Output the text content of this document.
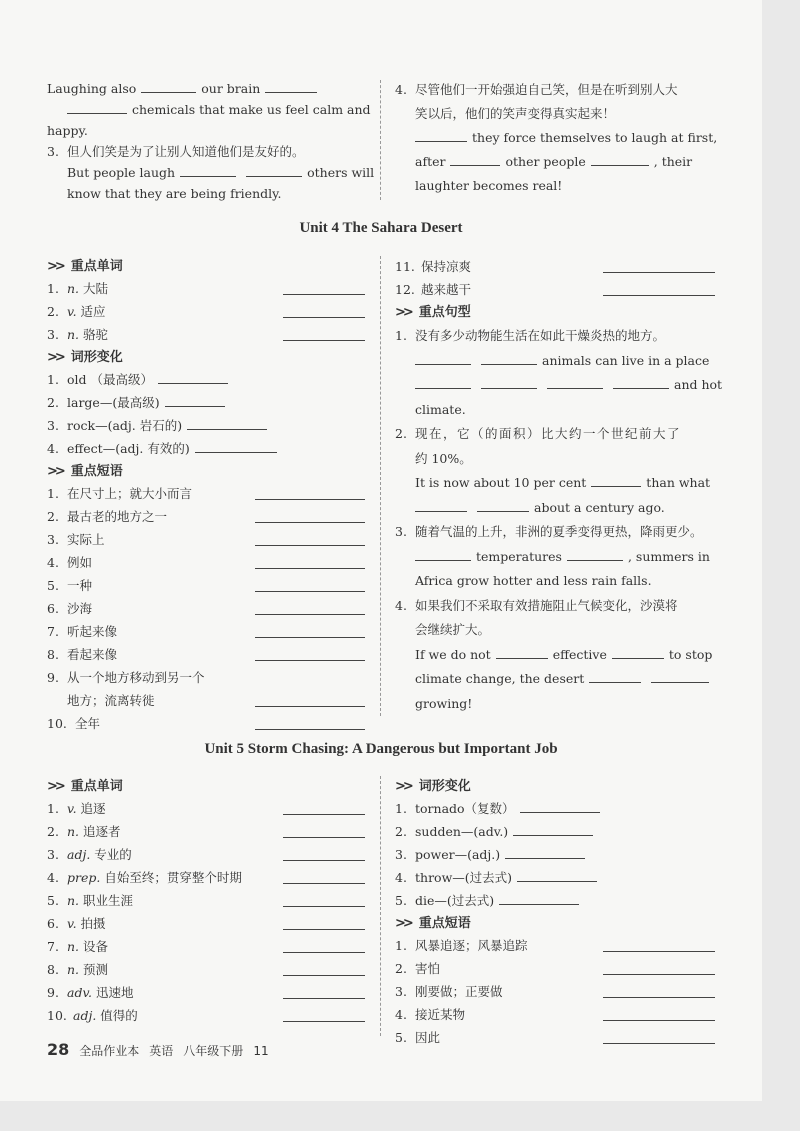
Laughing also	our brain
chemicals that make us feel calm and
happy.
3. 但人们笑是为了让别人知道他们是友好的。
But people laugh	others will
know that they are being friendly.
4. 尽管他们一开始强迫自己笑，但是在听到别人大
笑以后，他们的笑声变得真实起来！
they force themselves to laugh at first,
after	other people	, their
laughter becomes real!
Unit 4 The Sahara Desert
>> 重点单词
1. n. 大陆
2. v. 适应
3. n. 骆驼
>> 词形变化
1. old （最高级）
2. large—(最高级)
3. rock—(adj. 岩石的)
4. effect—(adj. 有效的)
>> 重点短语
1. 在尺寸上；就大小而言
2. 最古老的地方之一
3. 实际上
4. 例如
5. 一种
6. 沙海
7. 听起来像
8. 看起来像
9. 从一个地方移动到另一个
地方；流离转徙
10. 全年
11. 保持凉爽
12. 越来越干
>> 重点句型
1. 没有多少动物能生活在如此干燥炎热的地方。
animals can live in a place
and hot
climate.
2. 现在，它（的面积）比大约一个世纪前大了
约 10%。
It is now about 10 per cent	than what
about a century ago.
3. 随着气温的上升，非洲的夏季变得更热，降雨更少。
temperatures	, summers in
Africa grow hotter and less rain falls.
4. 如果我们不采取有效措施阻止气候变化，沙漠将
会继续扩大。
If we do not	effective	to stop
climate change, the desert
growing!
Unit 5 Storm Chasing: A Dangerous but Important Job
>> 重点单词
1. v. 追逐
2. n. 追逐者
3. adj. 专业的
4. prep. 自始至终；贯穿整个时期
5. n. 职业生涯
6. v. 拍摄
7. n. 设备
8. n. 预测
9. adv. 迅速地
10. adj. 值得的
>> 词形变化
1. tornado（复数）
2. sudden—(adv.)
3. power—(adj.)
4. throw—(过去式)
5. die—(过去式)
>> 重点短语
1. 风暴追逐；风暴追踪
2. 害怕
3. 刚要做；正要做
4. 接近某物
5. 因此
28 全品作业本 英语 八年级下册 11
